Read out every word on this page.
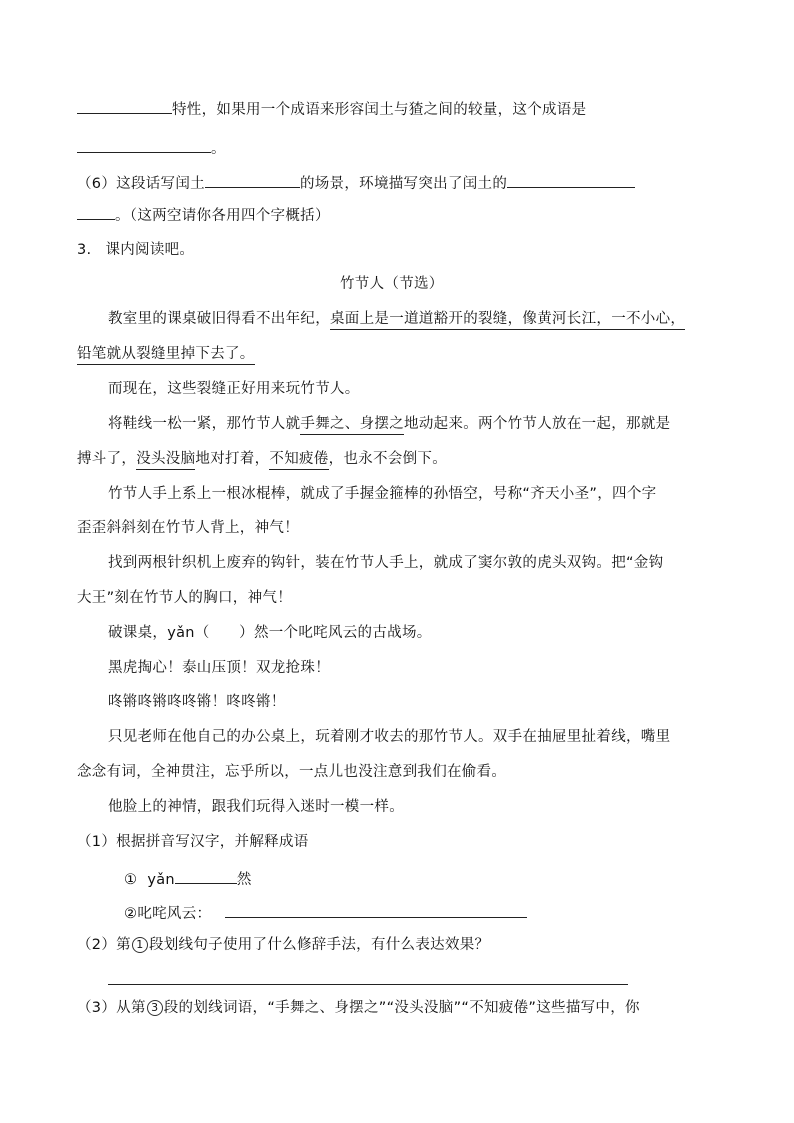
特性，如果用一个成语来形容闰土与猹之间的较量，这个成语是
。
（6）这段话写闰土	的场景，环境描写突出了闰土的
。（这两空请你各用四个字概括）
3. 课内阅读吧。
竹节人（节选）
教室里的课桌破旧得看不出年纪，桌面上是一道道豁开的裂缝，像黄河长江，一不小心，
铅笔就从裂缝里掉下去了。
而现在，这些裂缝正好用来玩竹节人。
将鞋线一松一紧，那竹节人就手舞之、身摆之地动起来。两个竹节人放在一起，那就是
搏斗了，没头没脑地对打着，不知疲倦，也永不会倒下。
竹节人手上系上一根冰棍棒，就成了手握金箍棒的孙悟空，号称“齐天小圣”，四个字
歪歪斜斜刻在竹节人背上，神气！
找到两根针织机上废弃的钩针，装在竹节人手上，就成了窦尔敦的虎头双钩。把“金钩
大王”刻在竹节人的胸口，神气！
破课桌，yǎn（　　）然一个叱咤风云的古战场。
黑虎掏心！泰山压顶！双龙抢珠！
咚锵咚锵咚咚锵！咚咚锵！
只见老师在他自己的办公桌上，玩着刚才收去的那竹节人。双手在抽屉里扯着线，嘴里
念念有词，全神贯注，忘乎所以，一点儿也没注意到我们在偷看。
他脸上的神情，跟我们玩得入迷时一模一样。
（1）根据拼音写汉字，并解释成语
① yǎn	然
②叱咤风云：
（2）第 1 段划线句子使用了什么修辞手法，有什么表达效果？
（3）从第 3 段的划线词语，“手舞之、身摆之”“没头没脑”“不知疲倦”这些描写中，你
